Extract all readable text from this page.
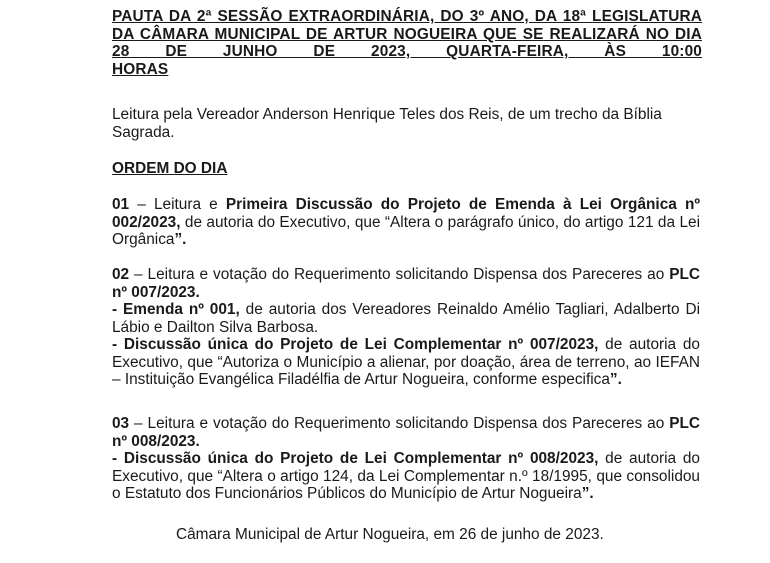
PAUTA DA 2ª SESSÃO EXTRAORDINÁRIA, DO 3º ANO, DA 18ª LEGISLATURA DA CÂMARA MUNICIPAL DE ARTUR NOGUEIRA QUE SE REALIZARÁ NO DIA 28 DE JUNHO DE 2023, QUARTA-FEIRA, ÀS 10:00
HORAS
Leitura pela Vereador Anderson Henrique Teles dos Reis, de um trecho da Bíblia Sagrada.
ORDEM DO DIA

01 – Leitura e Primeira Discussão do Projeto de Emenda à Lei Orgânica nº 002/2023, de autoria do Executivo, que “Altera o parágrafo único, do artigo 121 da Lei Orgânica”.

02 – Leitura e votação do Requerimento solicitando Dispensa dos Pareceres ao PLC nº 007/2023.

- Emenda nº 001, de autoria dos Vereadores Reinaldo Amélio Tagliari, Adalberto Di Lábio e Dailton Silva Barbosa.

- Discussão única do Projeto de Lei Complementar nº 007/2023, de autoria do Executivo, que “Autoriza o Município a alienar, por doação, área de terreno, ao IEFAN – Instituição Evangélica Filadélfia de Artur Nogueira, conforme especifica”.

03 – Leitura e votação do Requerimento solicitando Dispensa dos Pareceres ao PLC nº 008/2023.

- Discussão única do Projeto de Lei Complementar nº 008/2023, de autoria do Executivo, que “Altera o artigo 124, da Lei Complementar n.º 18/1995, que consolidou o Estatuto dos Funcionários Públicos do Município de Artur Nogueira”.

Câmara Municipal de Artur Nogueira, em 26 de junho de 2023.
